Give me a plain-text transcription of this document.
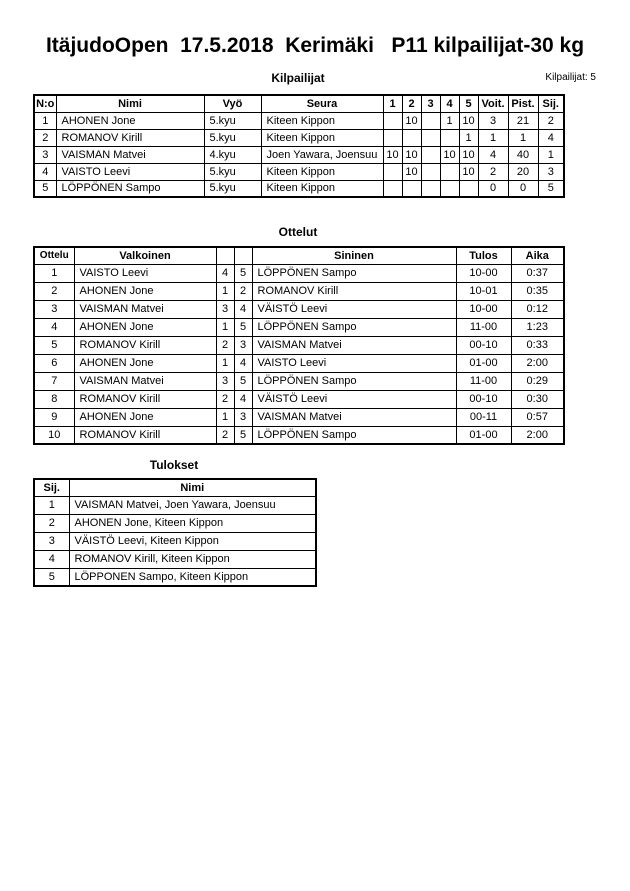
ItäjudoOpen  17.5.2018  Kerimäki   P11 kilpailijat-30 kg
Kilpailijat	Kilpailijat: 5
N:o	Nimi	Vyö	Seura	1	2	3	4	5	Voit.	Pist.	Sij.
1	AHONEN Jone	5.kyu	Kiteen Kippon		10		1	10	3	21	2
2	ROMANOV Kirill	5.kyu	Kiteen Kippon					1	1	1	4
3	VAISMAN Matvei	4.kyu	Joen Yawara, Joensuu	10	10		10	10	4	40	1
4	VAISTO Leevi	5.kyu	Kiteen Kippon		10			10	2	20	3
5	LÖPPÖNEN Sampo	5.kyu	Kiteen Kippon						0	0	5
Ottelut
Ottelu	Valkoinen			Sininen	Tulos	Aika
1	VAISTO Leevi	4	5	LÖPPÖNEN Sampo	10-00	0:37
2	AHONEN Jone	1	2	ROMANOV Kirill	10-01	0:35
3	VAISMAN Matvei	3	4	VÄISTÖ Leevi	10-00	0:12
4	AHONEN Jone	1	5	LÖPPÖNEN Sampo	11-00	1:23
5	ROMANOV Kirill	2	3	VAISMAN Matvei	00-10	0:33
6	AHONEN Jone	1	4	VAISTO Leevi	01-00	2:00
7	VAISMAN Matvei	3	5	LÖPPÖNEN Sampo	11-00	0:29
8	ROMANOV Kirill	2	4	VÄISTÖ Leevi	00-10	0:30
9	AHONEN Jone	1	3	VAISMAN Matvei	00-11	0:57
10	ROMANOV Kirill	2	5	LÖPPÖNEN Sampo	01-00	2:00
Tulokset
Sij.	Nimi
1	VAISMAN Matvei, Joen Yawara, Joensuu
2	AHONEN Jone, Kiteen Kippon
3	VÄISTÖ Leevi, Kiteen Kippon
4	ROMANOV Kirill, Kiteen Kippon
5	LÖPPONEN Sampo, Kiteen Kippon
